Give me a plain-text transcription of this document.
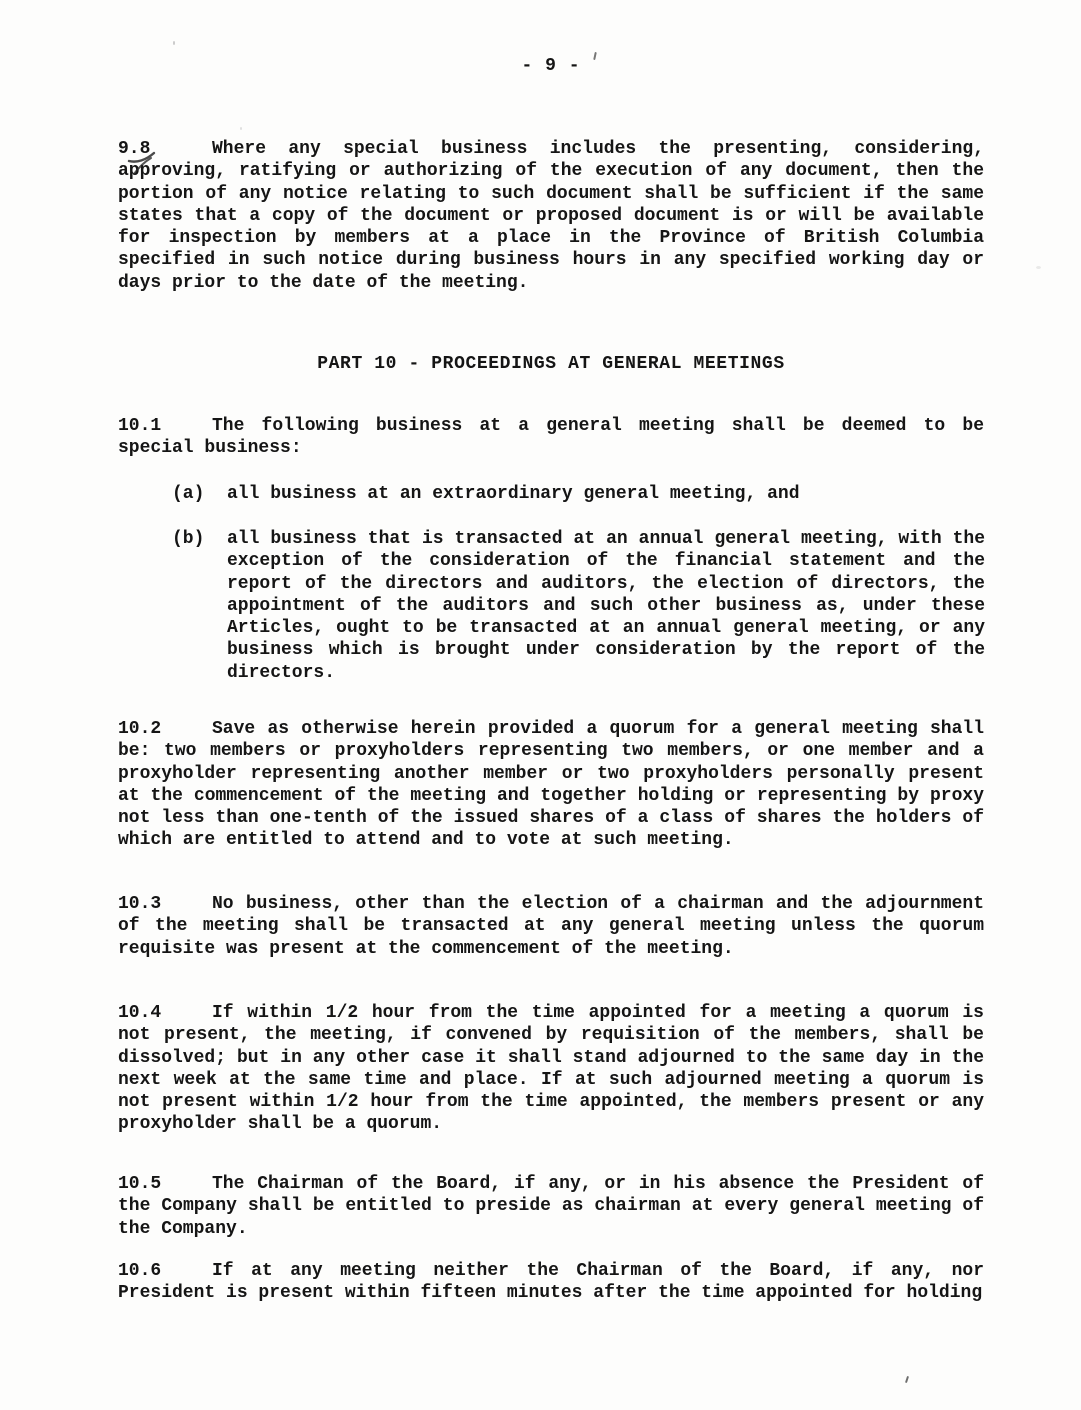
- 9 -
9.8	Where any special business includes the presenting, considering, approving, ratifying or authorizing of the execution of any document, then the portion of any notice relating to such document shall be sufficient if the same states that a copy of the document or proposed document is or will be available for inspection by members at a place in the Province of British Columbia specified in such notice during business hours in any specified working day or days prior to the date of the meeting.
PART 10 - PROCEEDINGS AT GENERAL MEETINGS
10.1	The following business at a general meeting shall be deemed to be special business:
(a) all business at an extraordinary general meeting, and
(b) all business that is transacted at an annual general meeting, with the exception of the consideration of the financial statement and the report of the directors and auditors, the election of directors, the appointment of the auditors and such other business as, under these Articles, ought to be transacted at an annual general meeting, or any business which is brought under consideration by the report of the directors.
10.2	Save as otherwise herein provided a quorum for a general meeting shall be: two members or proxyholders representing two members, or one member and a proxyholder representing another member or two proxyholders personally present at the commencement of the meeting and together holding or representing by proxy not less than one-tenth of the issued shares of a class of shares the holders of which are entitled to attend and to vote at such meeting.
10.3	No business, other than the election of a chairman and the adjournment of the meeting shall be transacted at any general meeting unless the quorum requisite was present at the commencement of the meeting.
10.4	If within 1/2 hour from the time appointed for a meeting a quorum is not present, the meeting, if convened by requisition of the members, shall be dissolved; but in any other case it shall stand adjourned to the same day in the next week at the same time and place. If at such adjourned meeting a quorum is not present within 1/2 hour from the time appointed, the members present or any proxyholder shall be a quorum.
10.5	The Chairman of the Board, if any, or in his absence the President of the Company shall be entitled to preside as chairman at every general meeting of the Company.
10.6	If at any meeting neither the Chairman of the Board, if any, nor President is present within fifteen minutes after the time appointed for holding
